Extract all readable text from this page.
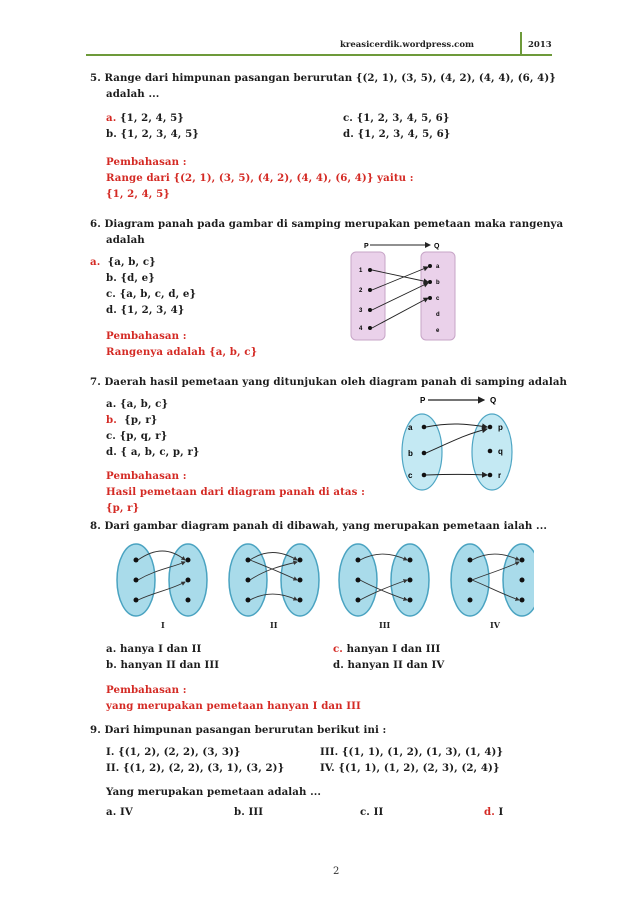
kreasicerdik.wordpress.com	2013
5. Range dari himpunan pasangan berurutan {(2, 1), (3, 5), (4, 2), (4, 4), (6, 4)}
adalah ...
a. {1, 2, 4, 5}	c. {1, 2, 3, 4, 5, 6}
b. {1, 2, 3, 4, 5}	d. {1, 2, 3, 4, 5, 6}
Pembahasan :
Range dari {(2, 1), (3, 5), (4, 2), (4, 4), (6, 4)} yaitu :
{1, 2, 4, 5}
6. Diagram panah pada gambar di samping merupakan pemetaan maka rangenya
adalah
a. {a, b, c}
b. {d, e}
c. {a, b, c, d, e}
d. {1, 2, 3, 4}
Pembahasan :
Rangenya adalah {a, b, c}
P	Q
1
2
3
4
a
b
c
d
e
7. Daerah hasil pemetaan yang ditunjukan oleh diagram panah di samping adalah
a. {a, b, c}
b. {p, r}
c. {p, q, r}
d. { a, b, c, p, r}
Pembahasan :
Hasil pemetaan dari diagram panah di atas :
{p, r}
P	Q
a
b
c
p
q
r
8. Dari gambar diagram panah di dibawah, yang merupakan pemetaan ialah ...
I	II	III	IV
a. hanya I dan II	c. hanyan I dan III
b. hanyan II dan III	d. hanyan II dan IV
Pembahasan :
yang merupakan pemetaan hanyan I dan III
9. Dari himpunan pasangan berurutan berikut ini :
I. {(1, 2), (2, 2), (3, 3)}	III. {(1, 1), (1, 2), (1, 3), (1, 4)}
II. {(1, 2), (2, 2), (3, 1), (3, 2)}	IV. {(1, 1), (1, 2), (2, 3), (2, 4)}
Yang merupakan pemetaan adalah ...
a. IV	b. III	c. II	d. I
2
